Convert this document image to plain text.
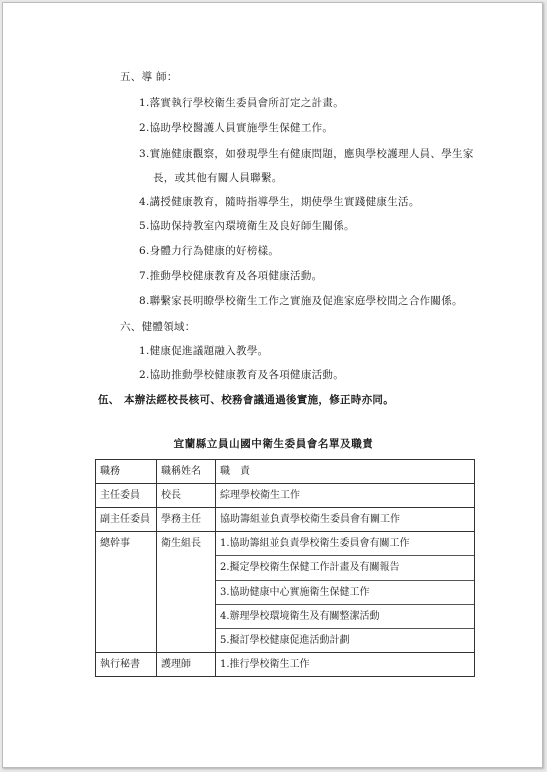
五、導 師：
1.落實執行學校衛生委員會所訂定之計畫。
2.協助學校醫護人員實施學生保健工作。
3.實施健康觀察，如發現學生有健康問題，應與學校護理人員、學生家
長，或其他有關人員聯繫。
4.講授健康教育，隨時指導學生，期使學生實踐健康生活。
5.協助保持教室內環境衛生及良好師生關係。
6.身體力行為健康的好榜樣。
7.推動學校健康教育及各項健康活動。
8.聯繫家長明瞭學校衛生工作之實施及促進家庭學校間之合作關係。
六、健體領域：
1.健康促進議題融入教學。
2.協助推動學校健康教育及各項健康活動。
伍、 本辦法經校長核可、校務會議通過後實施，修正時亦同。
宜蘭縣立員山國中衛生委員會名單及職責
職務	職稱姓名	職　責
主任委員	校長	綜理學校衛生工作
副主任委員	學務主任	協助籌組並負責學校衛生委員會有關工作
總幹事	衛生組長	1.協助籌組並負責學校衛生委員會有關工作
2.擬定學校衛生保健工作計畫及有關報告
3.協助健康中心實施衛生保健工作
4.辦理學校環境衛生及有關整潔活動
5.擬訂學校健康促進活動計劃

執行秘書	護理師	1.推行學校衛生工作
